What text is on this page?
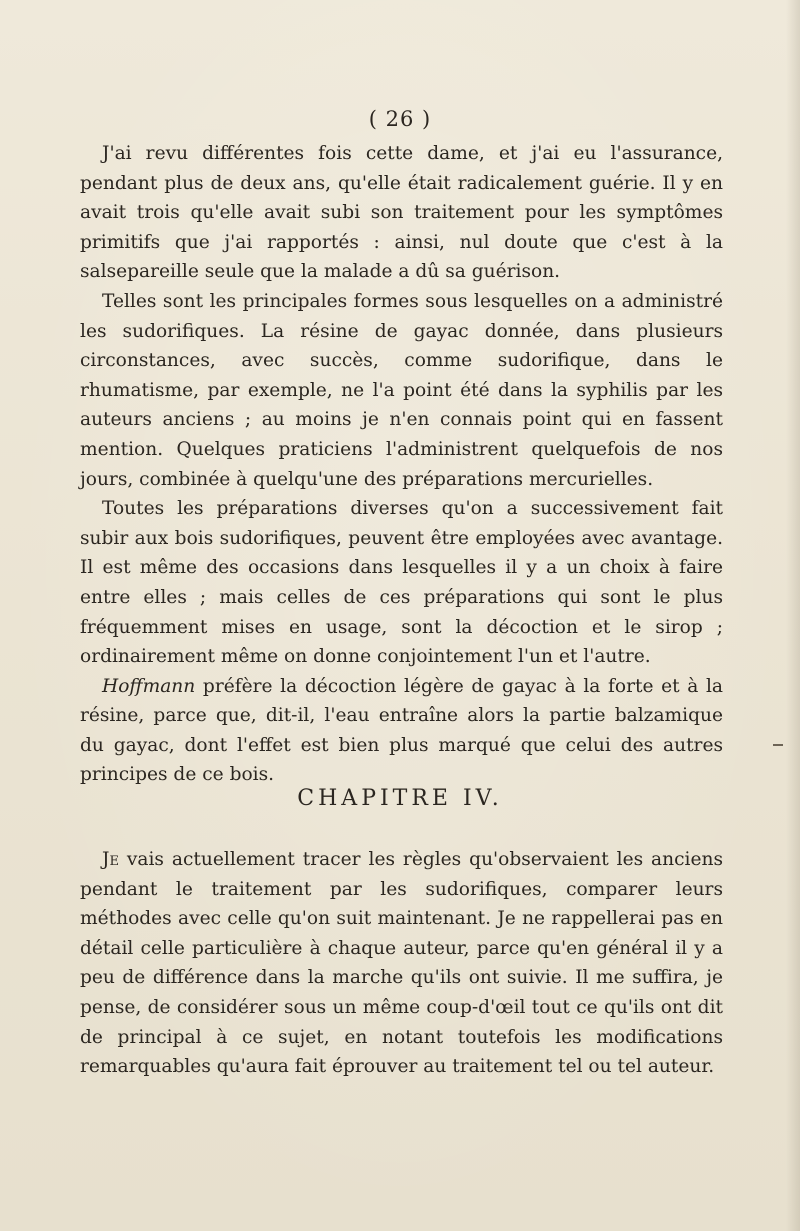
( 26 )

J'ai revu différentes fois cette dame, et j'ai eu l'assurance, pendant plus de deux ans, qu'elle était radicalement guérie. Il y en avait trois qu'elle avait subi son traitement pour les symptômes primitifs que j'ai rapportés : ainsi, nul doute que c'est à la salsepareille seule que la malade a dû sa guérison.

Telles sont les principales formes sous lesquelles on a administré les sudorifiques. La résine de gayac donnée, dans plusieurs circonstances, avec succès, comme sudorifique, dans le rhumatisme, par exemple, ne l'a point été dans la syphilis par les auteurs anciens ; au moins je n'en connais point qui en fassent mention. Quelques praticiens l'administrent quelquefois de nos jours, combinée à quelqu'une des préparations mercurielles.

Toutes les préparations diverses qu'on a successivement fait subir aux bois sudorifiques, peuvent être employées avec avantage. Il est même des occasions dans lesquelles il y a un choix à faire entre elles ; mais celles de ces préparations qui sont le plus fréquemment mises en usage, sont la décoction et le sirop ; ordinairement même on donne conjointement l'un et l'autre.

Hoffmann préfère la décoction légère de gayac à la forte et à la résine, parce que, dit-il, l'eau entraîne alors la partie balzamique du gayac, dont l'effet est bien plus marqué que celui des autres principes de ce bois.

CHAPITRE IV.

Je vais actuellement tracer les règles qu'observaient les anciens pendant le traitement par les sudorifiques, comparer leurs méthodes avec celle qu'on suit maintenant. Je ne rappellerai pas en détail celle particulière à chaque auteur, parce qu'en général il y a peu de différence dans la marche qu'ils ont suivie. Il me suffira, je pense, de considérer sous un même coup-d'œil tout ce qu'ils ont dit de principal à ce sujet, en notant toutefois les modifications remarquables qu'aura fait éprouver au traitement tel ou tel auteur.
